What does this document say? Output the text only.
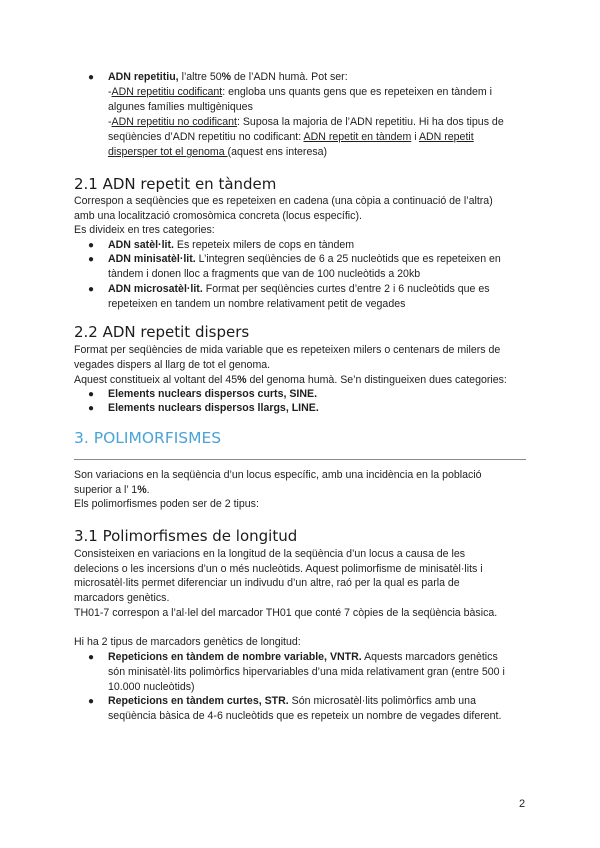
● ADN repetitiu, l’altre 50% de l’ADN humà. Pot ser:
-ADN repetitiu codificant: engloba uns quants gens que es repeteixen en tàndem i
algunes famílies multigèniques
-ADN repetitiu no codificant: Suposa la majoria de l’ADN repetitiu. Hi ha dos tipus de
seqüències d’ADN repetitiu no codificant: ADN repetit en tàndem i ADN repetit
dispersper tot el genoma (aquest ens interesa)
2.1 ADN repetit en tàndem
Correspon a seqüències que es repeteixen en cadena (una còpia a continuació de l’altra)
amb una localització cromosòmica concreta (locus específic).
Es divideix en tres categories:
● ADN satèl·lit. Es repeteix milers de cops en tàndem
● ADN minisatèl·lit. L’integren seqüències de 6 a 25 nucleòtids que es repeteixen en
tàndem i donen lloc a fragments que van de 100 nucleòtids a 20kb
● ADN microsatèl·lit. Format per seqüències curtes d’entre 2 i 6 nucleòtids que es
repeteixen en tandem un nombre relativament petit de vegades
2.2 ADN repetit dispers
Format per seqüències de mida variable que es repeteixen milers o centenars de milers de
vegades dispers al llarg de tot el genoma.
Aquest constitueix al voltant del 45% del genoma humà. Se’n distingueixen dues categories:
● Elements nuclears dispersos curts, SINE.
● Elements nuclears dispersos llargs, LINE.
3. POLIMORFISMES
Son variacions en la seqüència d’un locus específic, amb una incidència en la població
superior a l’ 1%.
Els polimorfismes poden ser de 2 tipus:
3.1 Polimorfismes de longitud
Consisteixen en variacions en la longitud de la seqüència d’un locus a causa de les
delecions o les incersions d’un o més nucleòtids. Aquest polimorfisme de minisatèl·lits i
microsatèl·lits permet diferenciar un indivudu d’un altre, raó per la qual es parla de
marcadors genètics.
TH01-7 correspon a l’al·lel del marcador TH01 que conté 7 còpies de la seqüència bàsica.
Hi ha 2 tipus de marcadors genètics de longitud:
● Repeticions en tàndem de nombre variable, VNTR. Aquests marcadors genètics
són minisatèl·lits polimòrfics hipervariables d’una mida relativament gran (entre 500 i
10.000 nucleòtids)
● Repeticions en tàndem curtes, STR. Són microsatèl·lits polimòrfics amb una
seqüència bàsica de 4-6 nucleòtids que es repeteix un nombre de vegades diferent.
2
